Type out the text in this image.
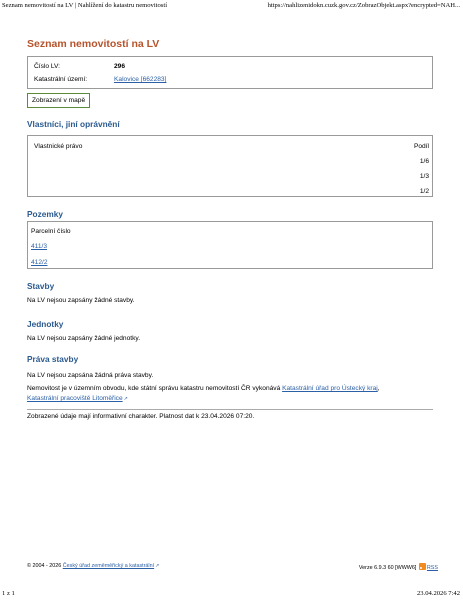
Seznam nemovitostí na LV | Nahlížení do katastru nemovitostí	https://nahlizenidokn.cuzk.gov.cz/ZobrazObjekt.aspx?encrypted=NAH...
Seznam nemovitostí na LV
Číslo LV:	296
Katastrální území:	Kalovice [662283]
Zobrazení v mapě
Vlastníci, jiní oprávnění
Vlastnické právo	Podíl
1/6
1/3
1/2
Pozemky
Parcelní číslo
411/3
412/2
Stavby
Na LV nejsou zapsány žádné stavby.
Jednotky
Na LV nejsou zapsány žádné jednotky.
Práva stavby
Na LV nejsou zapsána žádná práva stavby.
Nemovitost je v územním obvodu, kde státní správu katastru nemovitostí ČR vykonává Katastrální úřad pro Ústecký kraj,
Katastrální pracoviště Litoměřice↗
Zobrazené údaje mají informativní charakter. Platnost dat k 23.04.2026 07:20.
© 2004 - 2026 Český úřad zeměměřický a katastrální↗	Verze 6.9.3 60 [WWW6] RSS
1 z 1	23.04.2026 7:42
